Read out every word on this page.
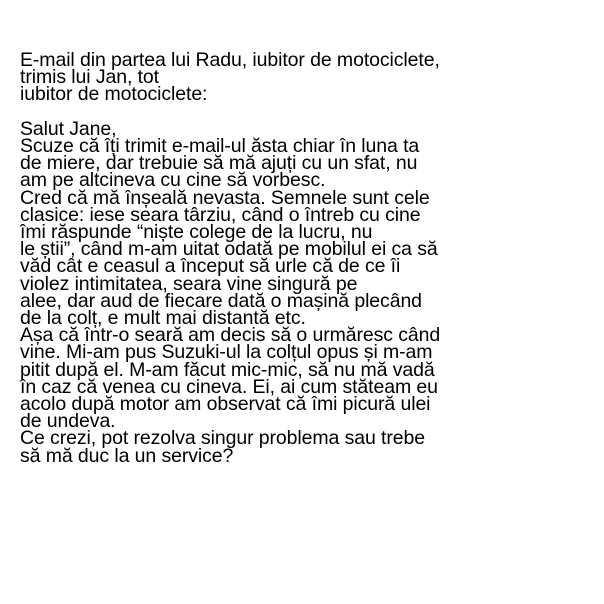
E-mail din partea lui Radu, iubitor de motociclete,
trimis lui Jan, tot
iubitor de motociclete:
Salut Jane,
Scuze că îți trimit e-mail-ul ăsta chiar în luna ta
de miere, dar trebuie să mă ajuți cu un sfat, nu
am pe altcineva cu cine să vorbesc.
Cred că mă înșeală nevasta. Semnele sunt cele
clasice: iese seara târziu, când o întreb cu cine
îmi răspunde “niște colege de la lucru, nu
le știi”, când m-am uitat odată pe mobilul ei ca să
văd cât e ceasul a început să urle că de ce îi
violez intimitatea, seara vine singură pe
alee, dar aud de fiecare dată o mașină plecând
de la colț, e mult mai distantă etc.
Așa că într-o seară am decis să o urmăresc când
vine. Mi-am pus Suzuki-ul la colțul opus și m-am
pitit după el. M-am făcut mic-mic, să nu mă vadă
în caz că venea cu cineva. Ei, ai cum stăteam eu
acolo după motor am observat că îmi picură ulei
de undeva.
Ce crezi, pot rezolva singur problema sau trebe
să mă duc la un service?
